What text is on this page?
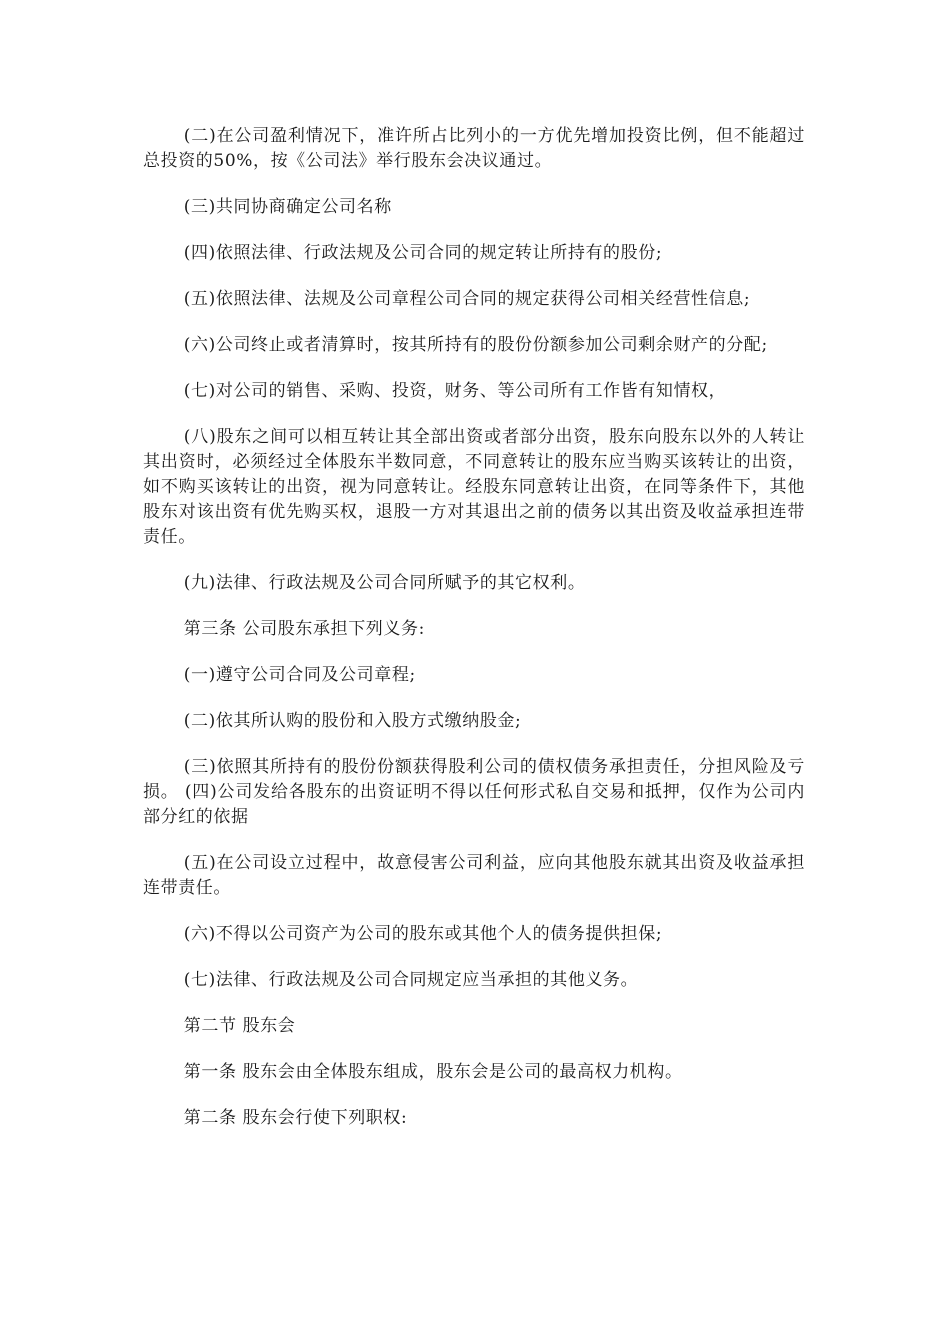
(二)在公司盈利情况下，准许所占比列小的一方优先增加投资比例，但不能超过总投资的50%，按《公司法》举行股东会决议通过。

(三)共同协商确定公司名称

(四)依照法律、行政法规及公司合同的规定转让所持有的股份;

(五)依照法律、法规及公司章程公司合同的规定获得公司相关经营性信息;

(六)公司终止或者清算时，按其所持有的股份份额参加公司剩余财产的分配;

(七)对公司的销售、采购、投资，财务、等公司所有工作皆有知情权，

(八)股东之间可以相互转让其全部出资或者部分出资，股东向股东以外的人转让其出资时，必须经过全体股东半数同意，不同意转让的股东应当购买该转让的出资，如不购买该转让的出资，视为同意转让。经股东同意转让出资，在同等条件下，其他股东对该出资有优先购买权，退股一方对其退出之前的债务以其出资及收益承担连带责任。

(九)法律、行政法规及公司合同所赋予的其它权利。

第三条 公司股东承担下列义务:

(一)遵守公司合同及公司章程;

(二)依其所认购的股份和入股方式缴纳股金;

(三)依照其所持有的股份份额获得股利公司的债权债务承担责任，分担风险及亏损。 (四)公司发给各股东的出资证明不得以任何形式私自交易和抵押，仅作为公司内部分红的依据

(五)在公司设立过程中，故意侵害公司利益，应向其他股东就其出资及收益承担连带责任。

(六)不得以公司资产为公司的股东或其他个人的债务提供担保;

(七)法律、行政法规及公司合同规定应当承担的其他义务。

第二节 股东会

第一条 股东会由全体股东组成，股东会是公司的最高权力机构。

第二条 股东会行使下列职权:
